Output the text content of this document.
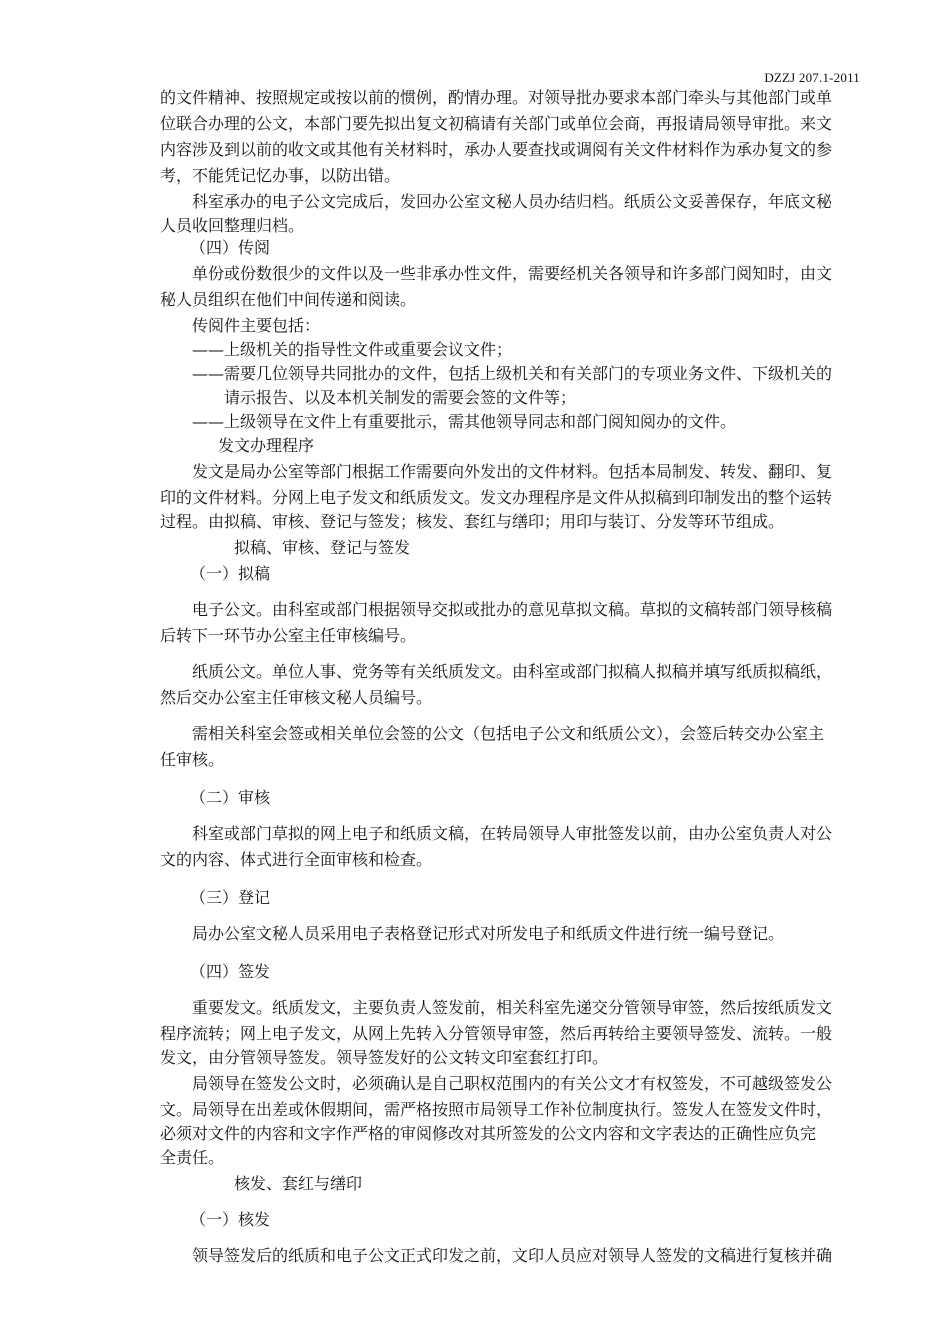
DZZJ 207.1-2011
的文件精神、按照规定或按以前的惯例，酌情办理。对领导批办要求本部门牵头与其他部门或单
位联合办理的公文，本部门要先拟出复文初稿请有关部门或单位会商，再报请局领导审批。来文
内容涉及到以前的收文或其他有关材料时，承办人要查找或调阅有关文件材料作为承办复文的参
考，不能凭记忆办事，以防出错。
科室承办的电子公文完成后，发回办公室文秘人员办结归档。纸质公文妥善保存，年底文秘
人员收回整理归档。
（四）传阅
单份或份数很少的文件以及一些非承办性文件，需要经机关各领导和许多部门阅知时，由文
秘人员组织在他们中间传递和阅读。
传阅件主要包括：
——上级机关的指导性文件或重要会议文件；
——需要几位领导共同批办的文件，包括上级机关和有关部门的专项业务文件、下级机关的
请示报告、以及本机关制发的需要会签的文件等；
——上级领导在文件上有重要批示，需其他领导同志和部门阅知阅办的文件。
发文办理程序
发文是局办公室等部门根据工作需要向外发出的文件材料。包括本局制发、转发、翻印、复
印的文件材料。分网上电子发文和纸质发文。发文办理程序是文件从拟稿到印制发出的整个运转
过程。由拟稿、审核、登记与签发；核发、套红与缮印；用印与装订、分发等环节组成。
拟稿、审核、登记与签发
（一）拟稿
电子公文。由科室或部门根据领导交拟或批办的意见草拟文稿。草拟的文稿转部门领导核稿
后转下一环节办公室主任审核编号。
纸质公文。单位人事、党务等有关纸质发文。由科室或部门拟稿人拟稿并填写纸质拟稿纸，
然后交办公室主任审核文秘人员编号。
需相关科室会签或相关单位会签的公文（包括电子公文和纸质公文），会签后转交办公室主
任审核。
（二）审核
科室或部门草拟的网上电子和纸质文稿，在转局领导人审批签发以前，由办公室负责人对公
文的内容、体式进行全面审核和检查。
（三）登记
局办公室文秘人员采用电子表格登记形式对所发电子和纸质文件进行统一编号登记。
（四）签发
重要发文。纸质发文，主要负责人签发前，相关科室先递交分管领导审签，然后按纸质发文
程序流转；网上电子发文，从网上先转入分管领导审签，然后再转给主要领导签发、流转。一般
发文，由分管领导签发。领导签发好的公文转文印室套红打印。
局领导在签发公文时，必须确认是自己职权范围内的有关公文才有权签发，不可越级签发公
文。局领导在出差或休假期间，需严格按照市局领导工作补位制度执行。签发人在签发文件时，
必须对文件的内容和文字作严格的审阅修改对其所签发的公文内容和文字表达的正确性应负完
全责任。
核发、套红与缮印
（一）核发
领导签发后的纸质和电子公文正式印发之前，文印人员应对领导人签发的文稿进行复核并确
